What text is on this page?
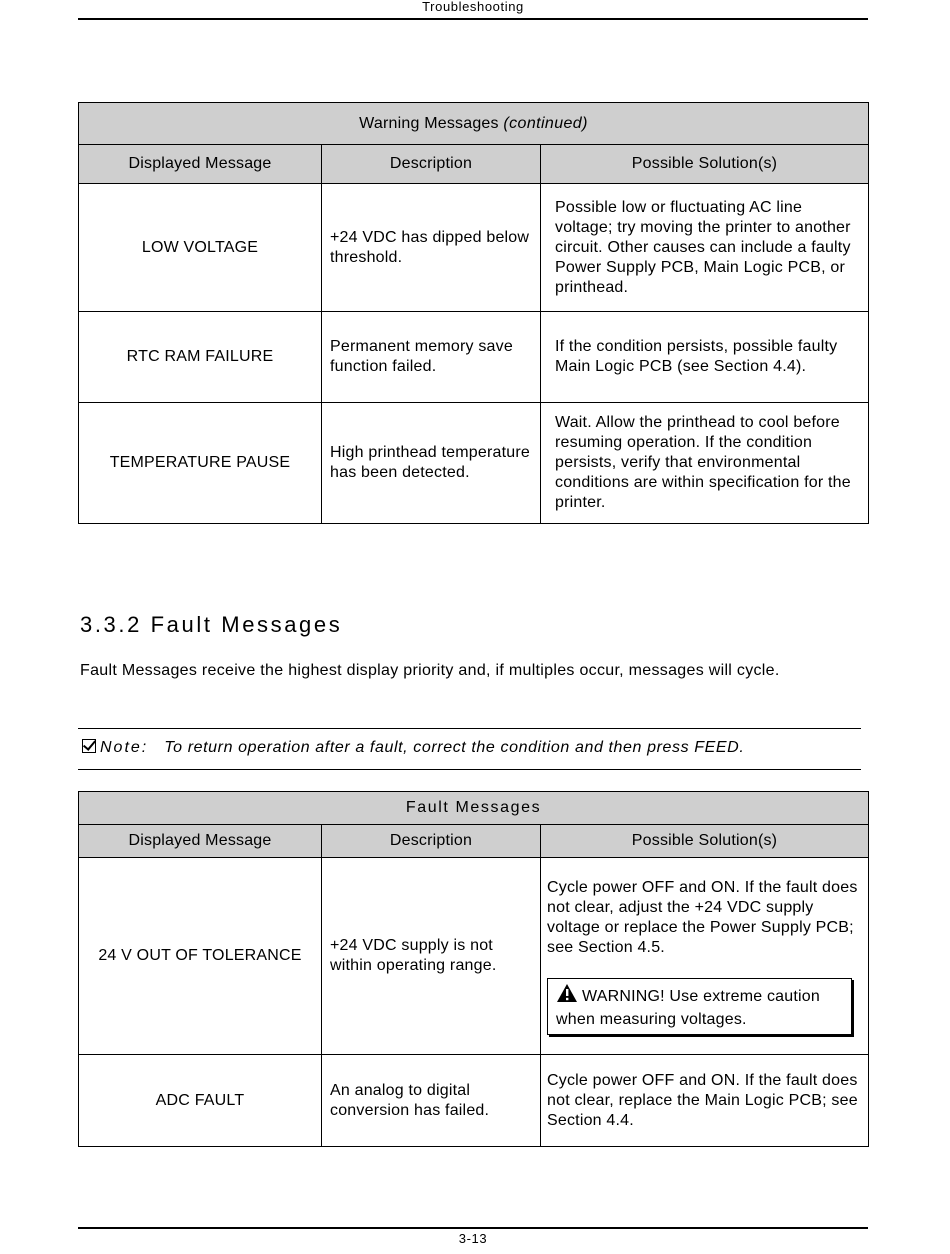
Troubleshooting
Warning Messages (continued)		
Displayed Message	Description	Possible Solution(s)
LOW VOLTAGE	+24 VDC has dipped below threshold.	Possible low or fluctuating AC line voltage; try moving the printer to another circuit. Other causes can include a faulty Power Supply PCB, Main Logic PCB, or printhead.
RTC RAM FAILURE	Permanent memory save function failed.	If the condition persists, possible faulty Main Logic PCB (see Section 4.4).
TEMPERATURE PAUSE	High printhead temperature has been detected.	Wait. Allow the printhead to cool before resuming operation. If the condition persists, verify that environmental conditions are within specification for the printer.
3.3.2 Fault Messages
Fault Messages receive the highest display priority and, if multiples occur, messages will cycle.
Note: To return operation after a fault, correct the condition and then press FEED.
Fault Messages		
Displayed Message	Description	Possible Solution(s)
24 V OUT OF TOLERANCE	+24 VDC supply is not within operating range.	Cycle power OFF and ON. If the fault does not clear, adjust the +24 VDC supply voltage or replace the Power Supply PCB; see Section 4.5.
WARNING! Use extreme caution when measuring voltages.

ADC FAULT	An analog to digital conversion has failed.	Cycle power OFF and ON. If the fault does not clear, replace the Main Logic PCB; see Section 4.4.
3-13
